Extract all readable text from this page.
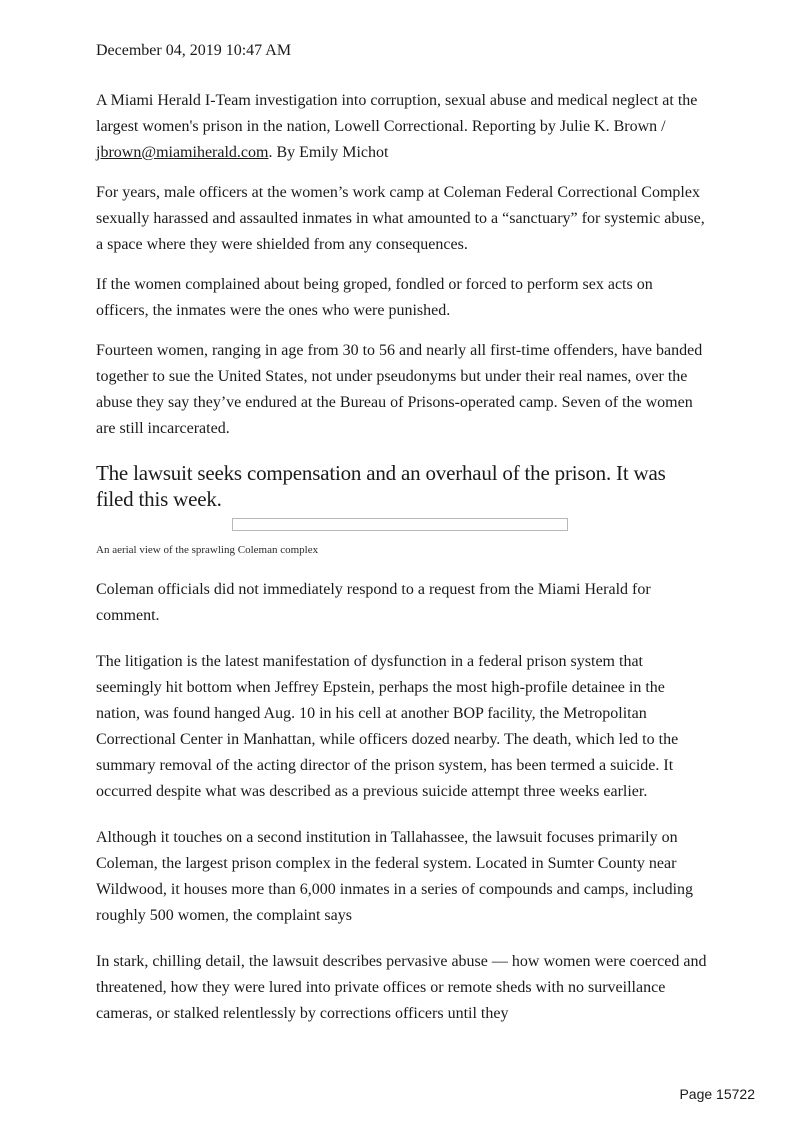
December 04, 2019 10:47 AM

A Miami Herald I-Team investigation into corruption, sexual abuse and medical neglect at the largest women's prison in the nation, Lowell Correctional. Reporting by Julie K. Brown / jbrown@miamiherald.com. By Emily Michot

For years, male officers at the women’s work camp at Coleman Federal Correctional Complex sexually harassed and assaulted inmates in what amounted to a “sanctuary” for systemic abuse, a space where they were shielded from any consequences.

If the women complained about being groped, fondled or forced to perform sex acts on officers, the inmates were the ones who were punished.

Fourteen women, ranging in age from 30 to 56 and nearly all first-time offenders, have banded together to sue the United States, not under pseudonyms but under their real names, over the abuse they say they’ve endured at the Bureau of Prisons-operated camp. Seven of the women are still incarcerated.

The lawsuit seeks compensation and an overhaul of the prison. It was filed this week.
An aerial view of the sprawling Coleman complex

Coleman officials did not immediately respond to a request from the Miami Herald for comment.

The litigation is the latest manifestation of dysfunction in a federal prison system that seemingly hit bottom when Jeffrey Epstein, perhaps the most high-profile detainee in the nation, was found hanged Aug. 10 in his cell at another BOP facility, the Metropolitan Correctional Center in Manhattan, while officers dozed nearby. The death, which led to the summary removal of the acting director of the prison system, has been termed a suicide. It occurred despite what was described as a previous suicide attempt three weeks earlier.

Although it touches on a second institution in Tallahassee, the lawsuit focuses primarily on Coleman, the largest prison complex in the federal system. Located in Sumter County near Wildwood, it houses more than 6,000 inmates in a series of compounds and camps, including roughly 500 women, the complaint says

In stark, chilling detail, the lawsuit describes pervasive abuse — how women were coerced and threatened, how they were lured into private offices or remote sheds with no surveillance cameras, or stalked relentlessly by corrections officers until they

Page 15722
